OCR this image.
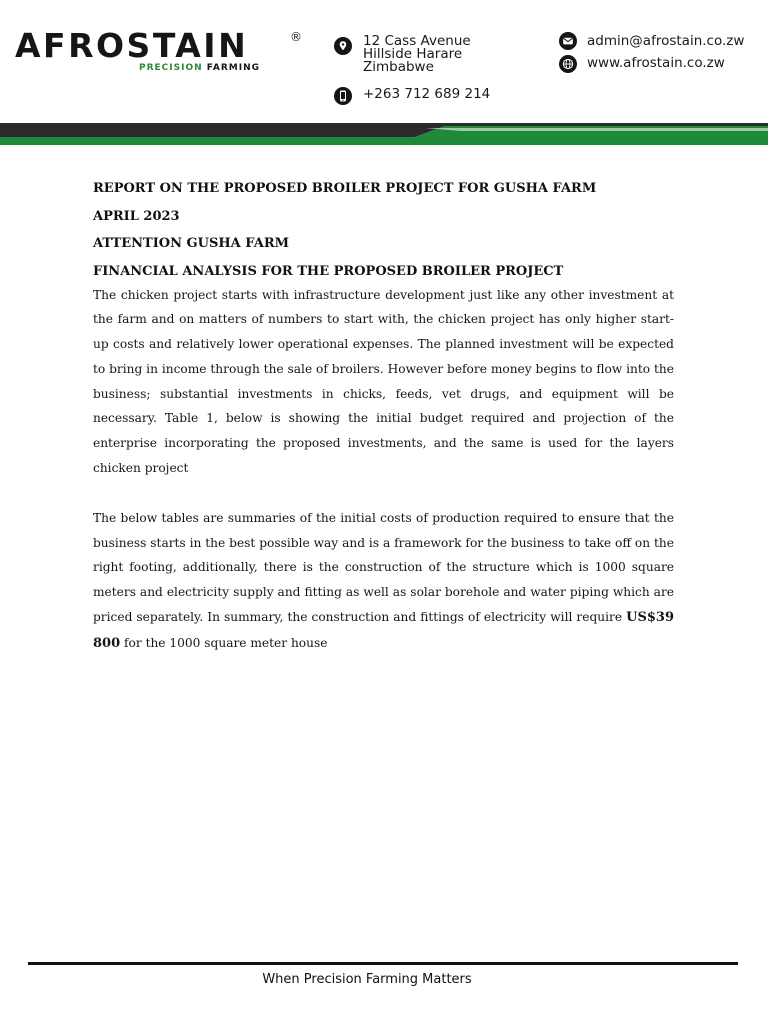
AFROSTAIN	®
PRECISION FARMING
12 Cass Avenue
Hillside Harare
Zimbabwe
+263 712 689 214
admin@afrostain.co.zw
www.afrostain.co.zw
REPORT ON THE PROPOSED BROILER PROJECT FOR GUSHA FARM
APRIL 2023
ATTENTION GUSHA FARM
FINANCIAL ANALYSIS FOR THE PROPOSED BROILER PROJECT

The chicken project starts with infrastructure development just like any other investment at the farm and on matters of numbers to start with, the chicken project has only higher start-up costs and relatively lower operational expenses. The planned investment will be expected to bring in income through the sale of broilers. However before money begins to flow into the business; substantial investments in chicks, feeds, vet drugs, and equipment will be necessary. Table 1, below is showing the initial budget required and projection of the enterprise incorporating the proposed investments, and the same is used for the layers chicken project

The below tables are summaries of the initial costs of production required to ensure that the business starts in the best possible way and is a framework for the business to take off on the right footing, additionally, there is the construction of the structure which is 1000 square meters and electricity supply and fitting as well as solar borehole and water piping which are priced separately. In summary, the construction and fittings of electricity will require US$39 800 for the 1000 square meter house

When Precision Farming Matters
